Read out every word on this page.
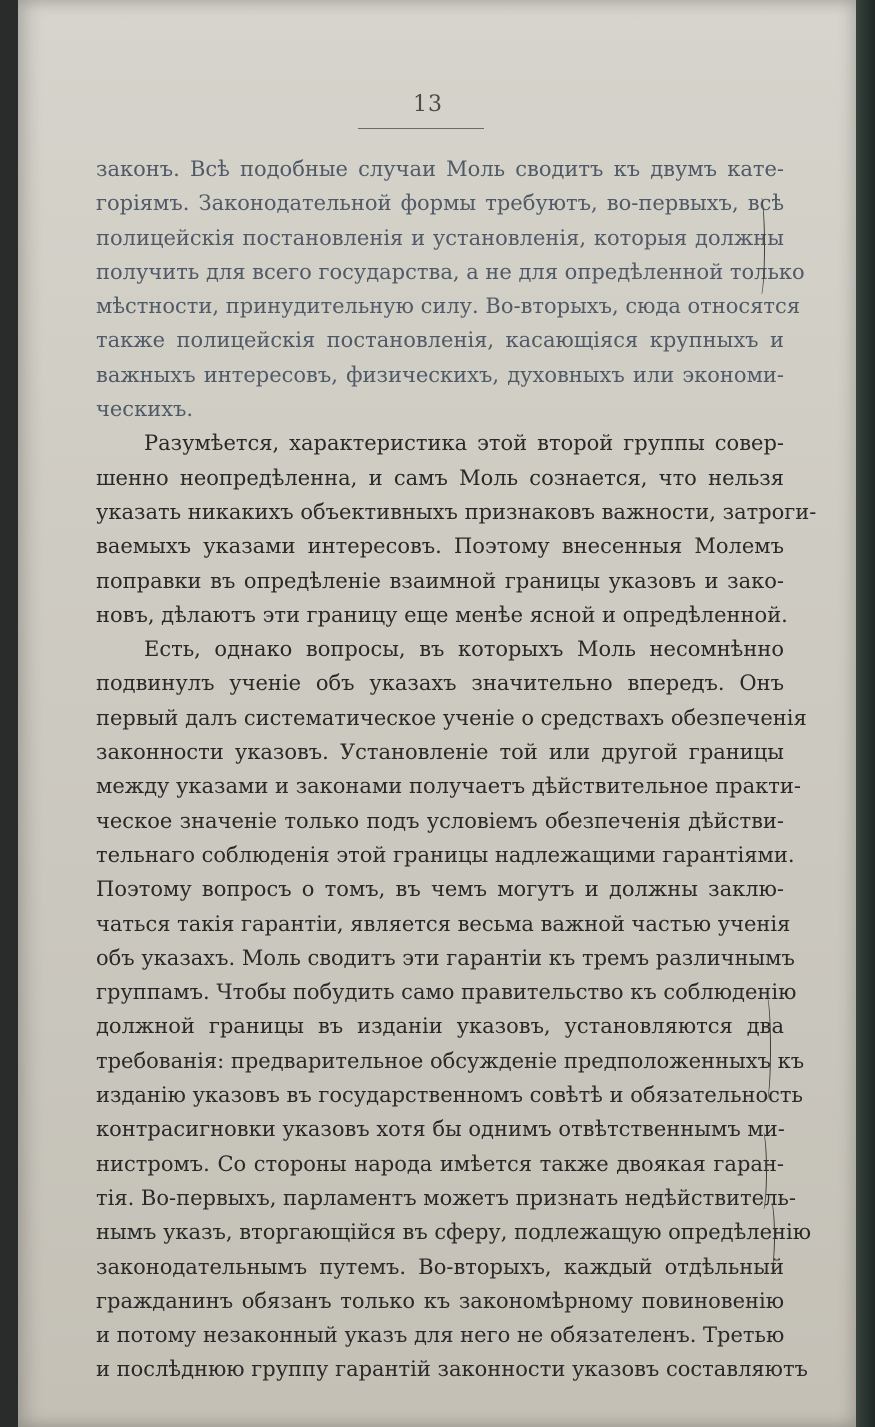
13
законъ. Всѣ подобные случаи Моль сводитъ къ двумъ кате-
горіямъ. Законодательной формы требуютъ, во-первыхъ, всѣ
полицейскія постановленія и установленія, которыя должны
получить для всего государства, а не для опредѣленной только
мѣстности, принудительную силу. Во-вторыхъ, сюда относятся
также полицейскія постановленія, касающіяся крупныхъ и
важныхъ интересовъ, физическихъ, духовныхъ или экономи-
ческихъ.
Разумѣется, характеристика этой второй группы совер-
шенно неопредѣленна, и самъ Моль сознается, что нельзя
указать никакихъ объективныхъ признаковъ важности, затроги-
ваемыхъ указами интересовъ. Поэтому внесенныя Молемъ
поправки въ опредѣленіе взаимной границы указовъ и зако-
новъ, дѣлаютъ эти границу еще менѣе ясной и опредѣленной.
Есть, однако вопросы, въ которыхъ Моль несомнѣнно
подвинулъ ученіе объ указахъ значительно впередъ. Онъ
первый далъ систематическое ученіе о средствахъ обезпеченія
законности указовъ. Установленіе той или другой границы
между указами и законами получаетъ дѣйствительное практи-
ческое значеніе только подъ условіемъ обезпеченія дѣйстви-
тельнаго соблюденія этой границы надлежащими гарантіями.
Поэтому вопросъ о томъ, въ чемъ могутъ и должны заклю-
чаться такія гарантіи, является весьма важной частью ученія
объ указахъ. Моль сводитъ эти гарантіи къ тремъ различнымъ
группамъ. Чтобы побудить само правительство къ соблюденію
должной границы въ изданіи указовъ, установляются два
требованія: предварительное обсужденіе предположенныхъ къ
изданію указовъ въ государственномъ совѣтѣ и обязательность
контрасигновки указовъ хотя бы однимъ отвѣтственнымъ ми-
нистромъ. Со стороны народа имѣется также двоякая гаран-
тія. Во-первыхъ, парламентъ можетъ признать недѣйствитель-
нымъ указъ, вторгающійся въ сферу, подлежащую опредѣленію
законодательнымъ путемъ. Во-вторыхъ, каждый отдѣльный
гражданинъ обязанъ только къ закономѣрному повиновенію
и потому незаконный указъ для него не обязателенъ. Третью
и послѣднюю группу гарантій законности указовъ составляютъ
